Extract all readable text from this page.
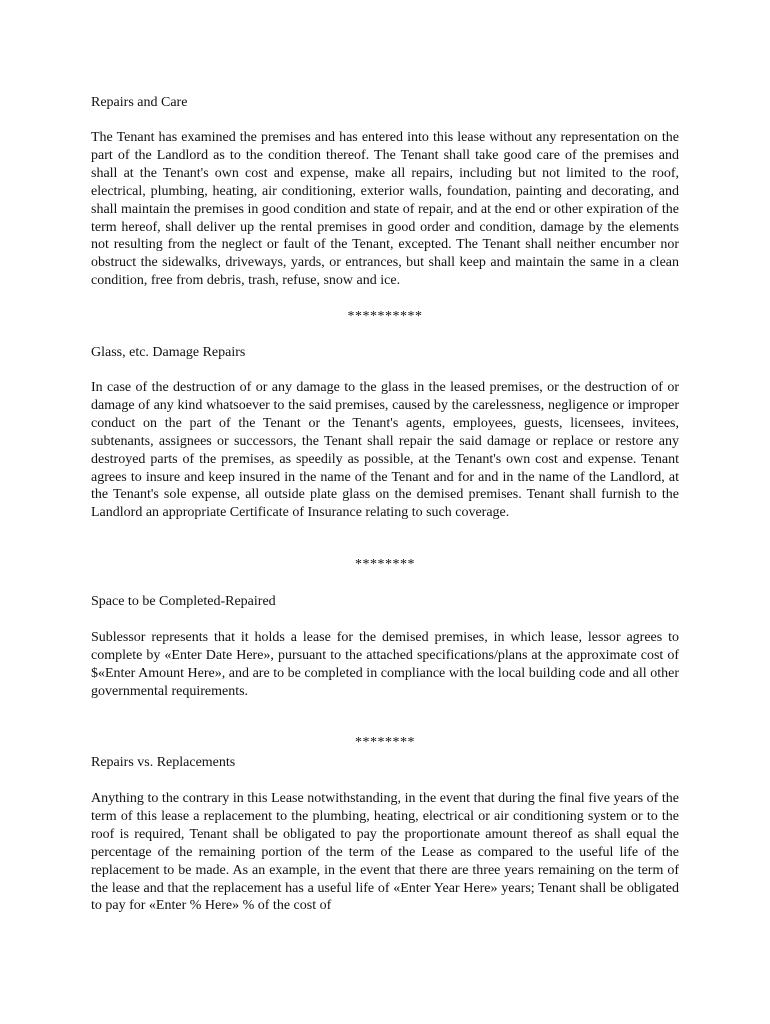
Repairs and Care

The Tenant has examined the premises and has entered into this lease without any representation on the part of the Landlord as to the condition thereof. The Tenant shall take good care of the premises and shall at the Tenant's own cost and expense, make all repairs, including but not limited to the roof, electrical, plumbing, heating, air conditioning, exterior walls, foundation, painting and decorating, and shall maintain the premises in good condition and state of repair, and at the end or other expiration of the term hereof, shall deliver up the rental premises in good order and condition, damage by the elements not resulting from the neglect or fault of the Tenant, excepted. The Tenant shall neither encumber nor obstruct the sidewalks, driveways, yards, or entrances, but shall keep and maintain the same in a clean condition, free from debris, trash, refuse, snow and ice.

**********

Glass, etc. Damage Repairs

In case of the destruction of or any damage to the glass in the leased premises, or the destruction of or damage of any kind whatsoever to the said premises, caused by the carelessness, negligence or improper conduct on the part of the Tenant or the Tenant's agents, employees, guests, licensees, invitees, subtenants, assignees or successors, the Tenant shall repair the said damage or replace or restore any destroyed parts of the premises, as speedily as possible, at the Tenant's own cost and expense. Tenant agrees to insure and keep insured in the name of the Tenant and for and in the name of the Landlord, at the Tenant's sole expense, all outside plate glass on the demised premises. Tenant shall furnish to the Landlord an appropriate Certificate of Insurance relating to such coverage.

********

Space to be Completed-Repaired

Sublessor represents that it holds a lease for the demised premises, in which lease, lessor agrees to complete by «Enter Date Here», pursuant to the attached specifications/plans at the approximate cost of $«Enter Amount Here», and are to be completed in compliance with the local building code and all other governmental requirements.

********

Repairs vs. Replacements

Anything to the contrary in this Lease notwithstanding, in the event that during the final five years of the term of this lease a replacement to the plumbing, heating, electrical or air conditioning system or to the roof is required, Tenant shall be obligated to pay the proportionate amount thereof as shall equal the percentage of the remaining portion of the term of the Lease as compared to the useful life of the replacement to be made. As an example, in the event that there are three years remaining on the term of the lease and that the replacement has a useful life of «Enter Year Here» years; Tenant shall be obligated to pay for «Enter % Here» % of the cost of
